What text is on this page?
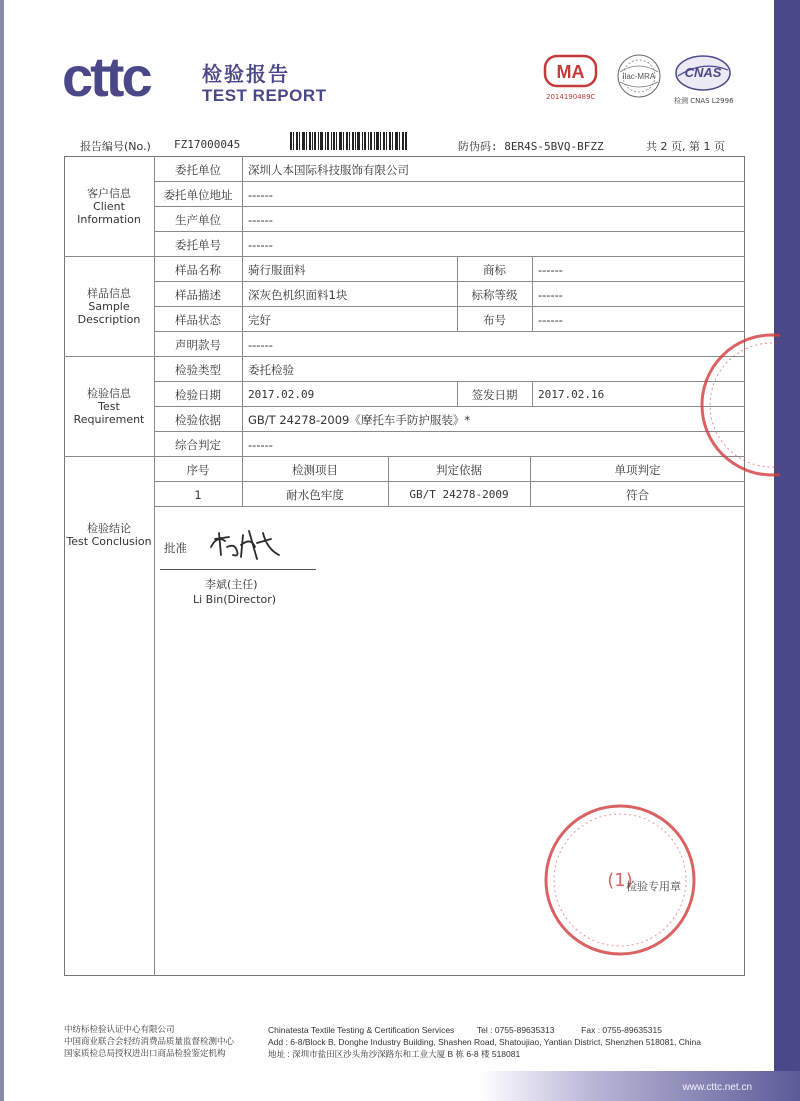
www.cttc.net.cn
cttc	检验报告
TEST REPORT
MA
2014190489C
ilac-MRA CNAS
检测 CNAS L2996
报告编号(No.) FZ17000045	防伪码: 8ER4S-5BVQ-BFZZ	共 2 页, 第 1 页
客户信息
Client
Information
样品信息
Sample
Description
检验信息
Test
Requirement
检验结论
Test Conclusion
委托单位	深圳人本国际科技服饰有限公司
委托单位地址	------
生产单位	------
委托单号	------
样品名称	骑行服面料	商标	------
样品描述	深灰色机织面料1块	标称等级	------
样品状态	完好	布号	------
声明款号	------
检验类型	委托检验
检验日期	2017.02.09	签发日期	2017.02.16
检验依据	GB/T 24278-2009《摩托车手防护服装》*
综合判定	------
序号	检测项目	判定依据	单项判定
1	耐水色牢度	GB/T 24278-2009	符合
批准
李斌(主任)
Li Bin(Director)
(1)
检验专用章
中纺标检验认证中心有限公司
中国商业联合会轻纺消费品质量监督检测中心
国家质检总局授权进出口商品检验鉴定机构
Chinatesta Textile Testing & Certification Services	Tel : 0755-89635313	Fax : 0755-89635315
Add : 6-8/Block B, Donghe Industry Building, Shashen Road, Shatoujiao, Yantian District, Shenzhen 518081, China
地址 : 深圳市盐田区沙头角沙深路东和工业大厦 B 栋 6-8 楼 518081
